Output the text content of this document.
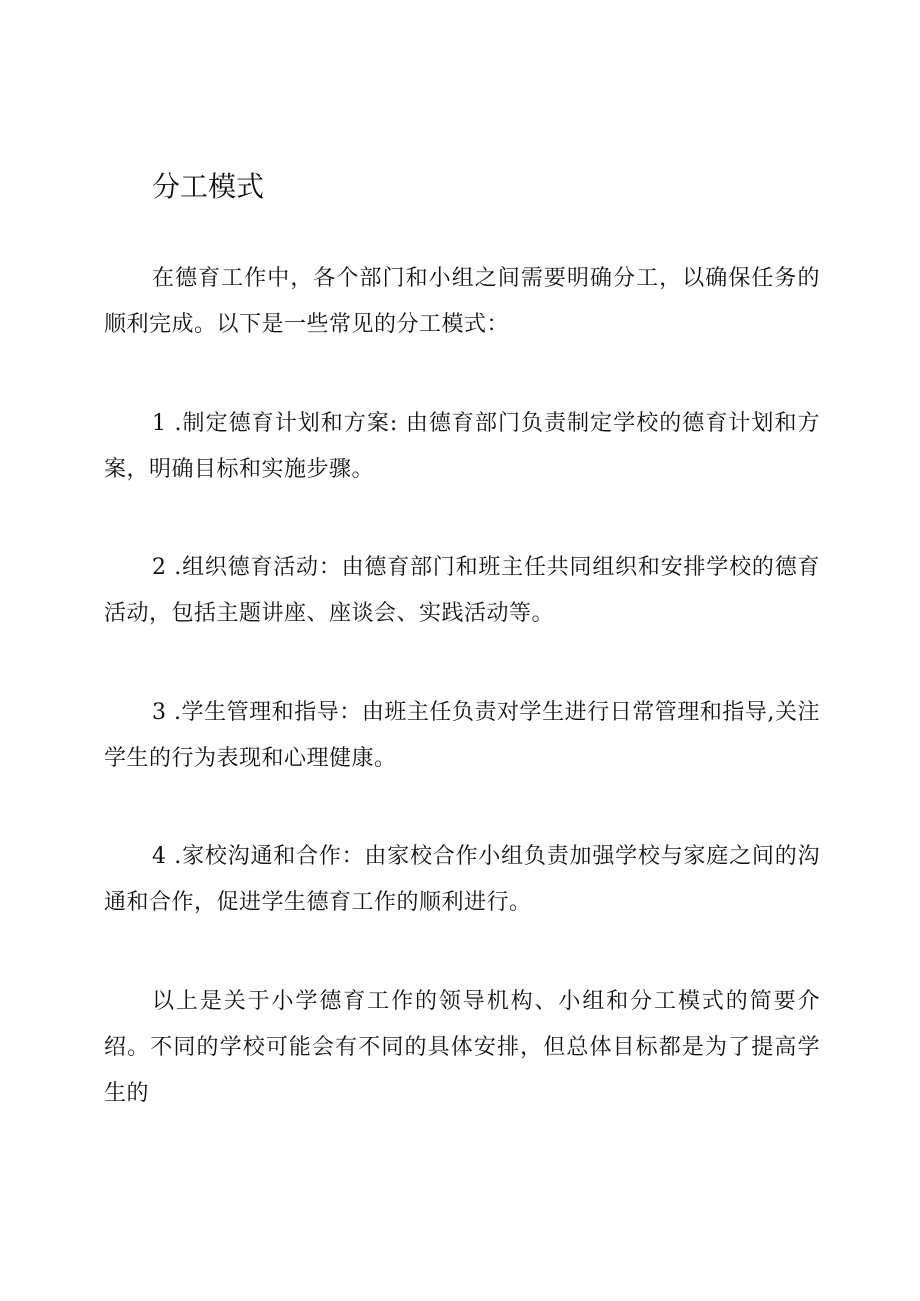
分工模式

在德育工作中，各个部门和小组之间需要明确分工，以确保任务的顺利完成。以下是一些常见的分工模式：

1 .制定德育计划和方案: 由德育部门负责制定学校的德育计划和方案，明确目标和实施步骤。

2 .组织德育活动：由德育部门和班主任共同组织和安排学校的德育活动，包括主题讲座、座谈会、实践活动等。

3 .学生管理和指导：由班主任负责对学生进行日常管理和指导,关注学生的行为表现和心理健康。

4 .家校沟通和合作：由家校合作小组负责加强学校与家庭之间的沟通和合作，促进学生德育工作的顺利进行。

以上是关于小学德育工作的领导机构、小组和分工模式的简要介绍。不同的学校可能会有不同的具体安排，但总体目标都是为了提高学生的
